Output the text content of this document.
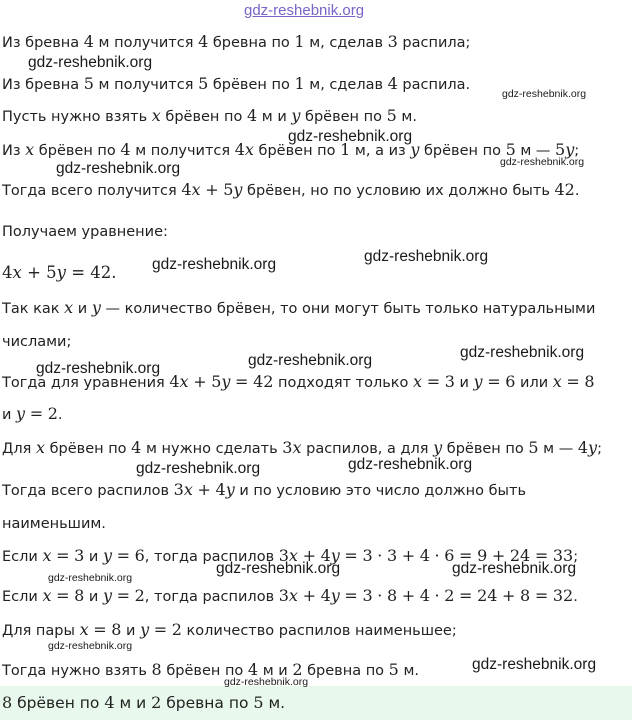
gdz-reshebnik.org
Из бревна 4 м получится 4 бревна по 1 м, сделав 3 распила;
Из бревна 5 м получится 5 брёвен по 1 м, сделав 4 распила.
Пусть нужно взять x брёвен по 4 м и y брёвен по 5 м.
Из x брёвен по 4 м получится 4x брёвен по 1 м, а из y брёвен по 5 м — 5y;
Тогда всего получится 4x + 5y брёвен, но по условию их должно быть 42.
Получаем уравнение:
4x + 5y = 42.
Так как x и y — количество брёвен, то они могут быть только натуральными
числами;
Тогда для уравнения 4x + 5y = 42 подходят только x = 3 и y = 6 или x = 8
и y = 2.
Для x брёвен по 4 м нужно сделать 3x распилов, а для y брёвен по 5 м — 4y;
Тогда всего распилов 3x + 4y и по условию это число должно быть
наименьшим.
Если x = 3 и y = 6, тогда распилов 3x + 4y = 3 · 3 + 4 · 6 = 9 + 24 = 33;
Если x = 8 и y = 2, тогда распилов 3x + 4y = 3 · 8 + 4 · 2 = 24 + 8 = 32.
Для пары x = 8 и y = 2 количество распилов наименьшее;
Тогда нужно взять 8 брёвен по 4 м и 2 бревна по 5 м.
8 брёвен по 4 м и 2 бревна по 5 м.
gdz-reshebnik.org
gdz-reshebnik.org
gdz-reshebnik.org
gdz-reshebnik.org
gdz-reshebnik.org
gdz-reshebnik.org	gdz-reshebnik.org
gdz-reshebnik.org
gdz-reshebnik.org
gdz-reshebnik.org
gdz-reshebnik.org	gdz-reshebnik.org
gdz-reshebnik.org	gdz-reshebnik.org
gdz-reshebnik.org
gdz-reshebnik.org
gdz-reshebnik.org
gdz-reshebnik.org
